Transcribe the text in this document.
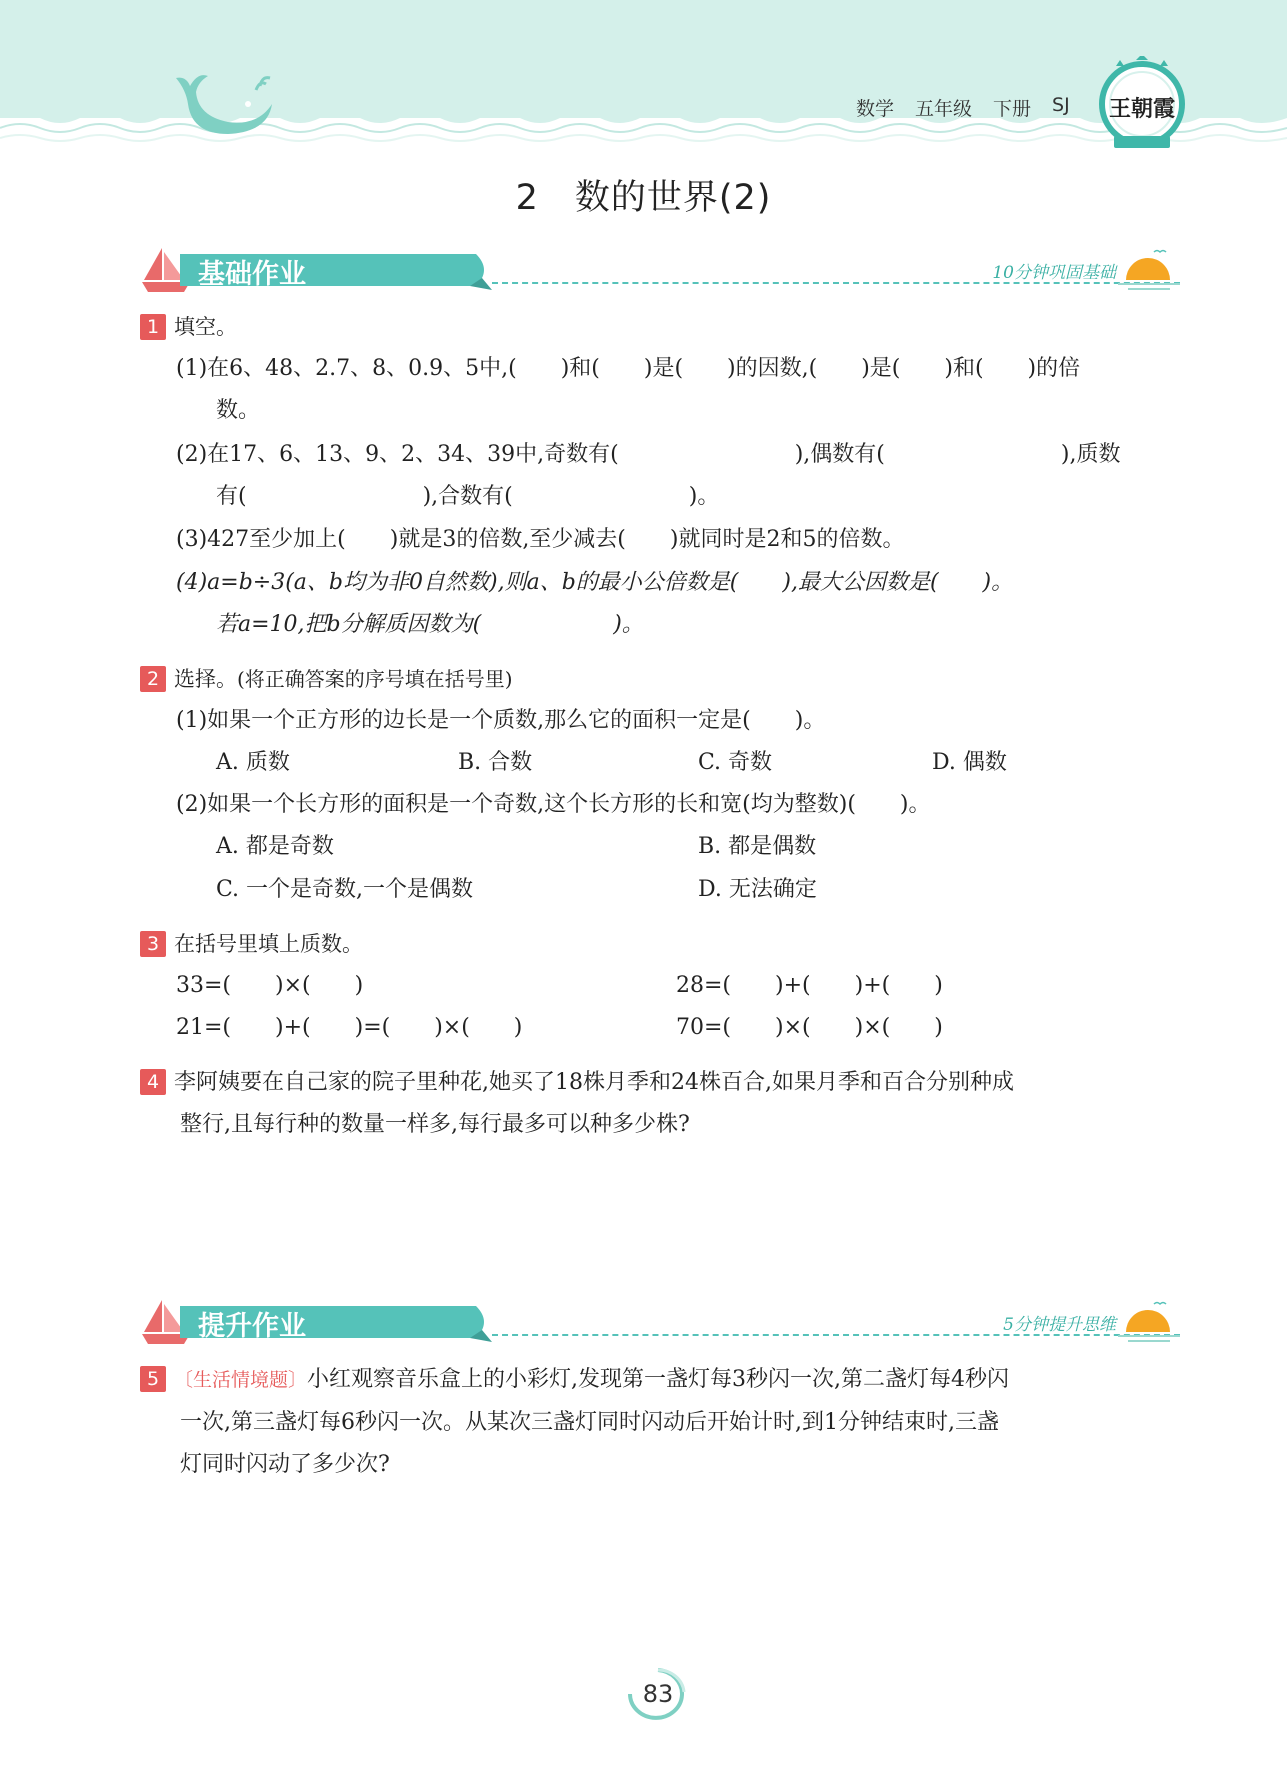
数学 五年级 下册 SJ 王朝霞
2　数的世界(2)
基础作业	10分钟巩固基础
1 填空。
(1)在6、48、2.7、8、0.9、5中,(　　)和(　　)是(　　)的因数,(　　)是(　　)和(　　)的倍
数。
(2)在17、6、13、9、2、34、39中,奇数有(　　　　　　　　),偶数有(　　　　　　　　),质数
有(　　　　　　　　),合数有(　　　　　　　　)。
(3)427至少加上(　　)就是3的倍数,至少减去(　　)就同时是2和5的倍数。
(4)a=b÷3(a、b均为非0自然数),则a、b的最小公倍数是(　　),最大公因数是(　　)。
若a=10,把b分解质因数为(　　　　　　)。
2 选择。(将正确答案的序号填在括号里)
(1)如果一个正方形的边长是一个质数,那么它的面积一定是(　　)。
A. 质数	B. 合数	C. 奇数	D. 偶数
(2)如果一个长方形的面积是一个奇数,这个长方形的长和宽(均为整数)(　　)。
A. 都是奇数	B. 都是偶数
C. 一个是奇数,一个是偶数	D. 无法确定
3 在括号里填上质数。
33=(　　)×(　　)	28=(　　)+(　　)+(　　)
21=(　　)+(　　)=(　　)×(　　)	70=(　　)×(　　)×(　　)
4 李阿姨要在自己家的院子里种花,她买了18株月季和24株百合,如果月季和百合分别种成
整行,且每行种的数量一样多,每行最多可以种多少株?
提升作业	5分钟提升思维
5 〔生活情境题〕小红观察音乐盒上的小彩灯,发现第一盏灯每3秒闪一次,第二盏灯每4秒闪
一次,第三盏灯每6秒闪一次。从某次三盏灯同时闪动后开始计时,到1分钟结束时,三盏
灯同时闪动了多少次?
83
